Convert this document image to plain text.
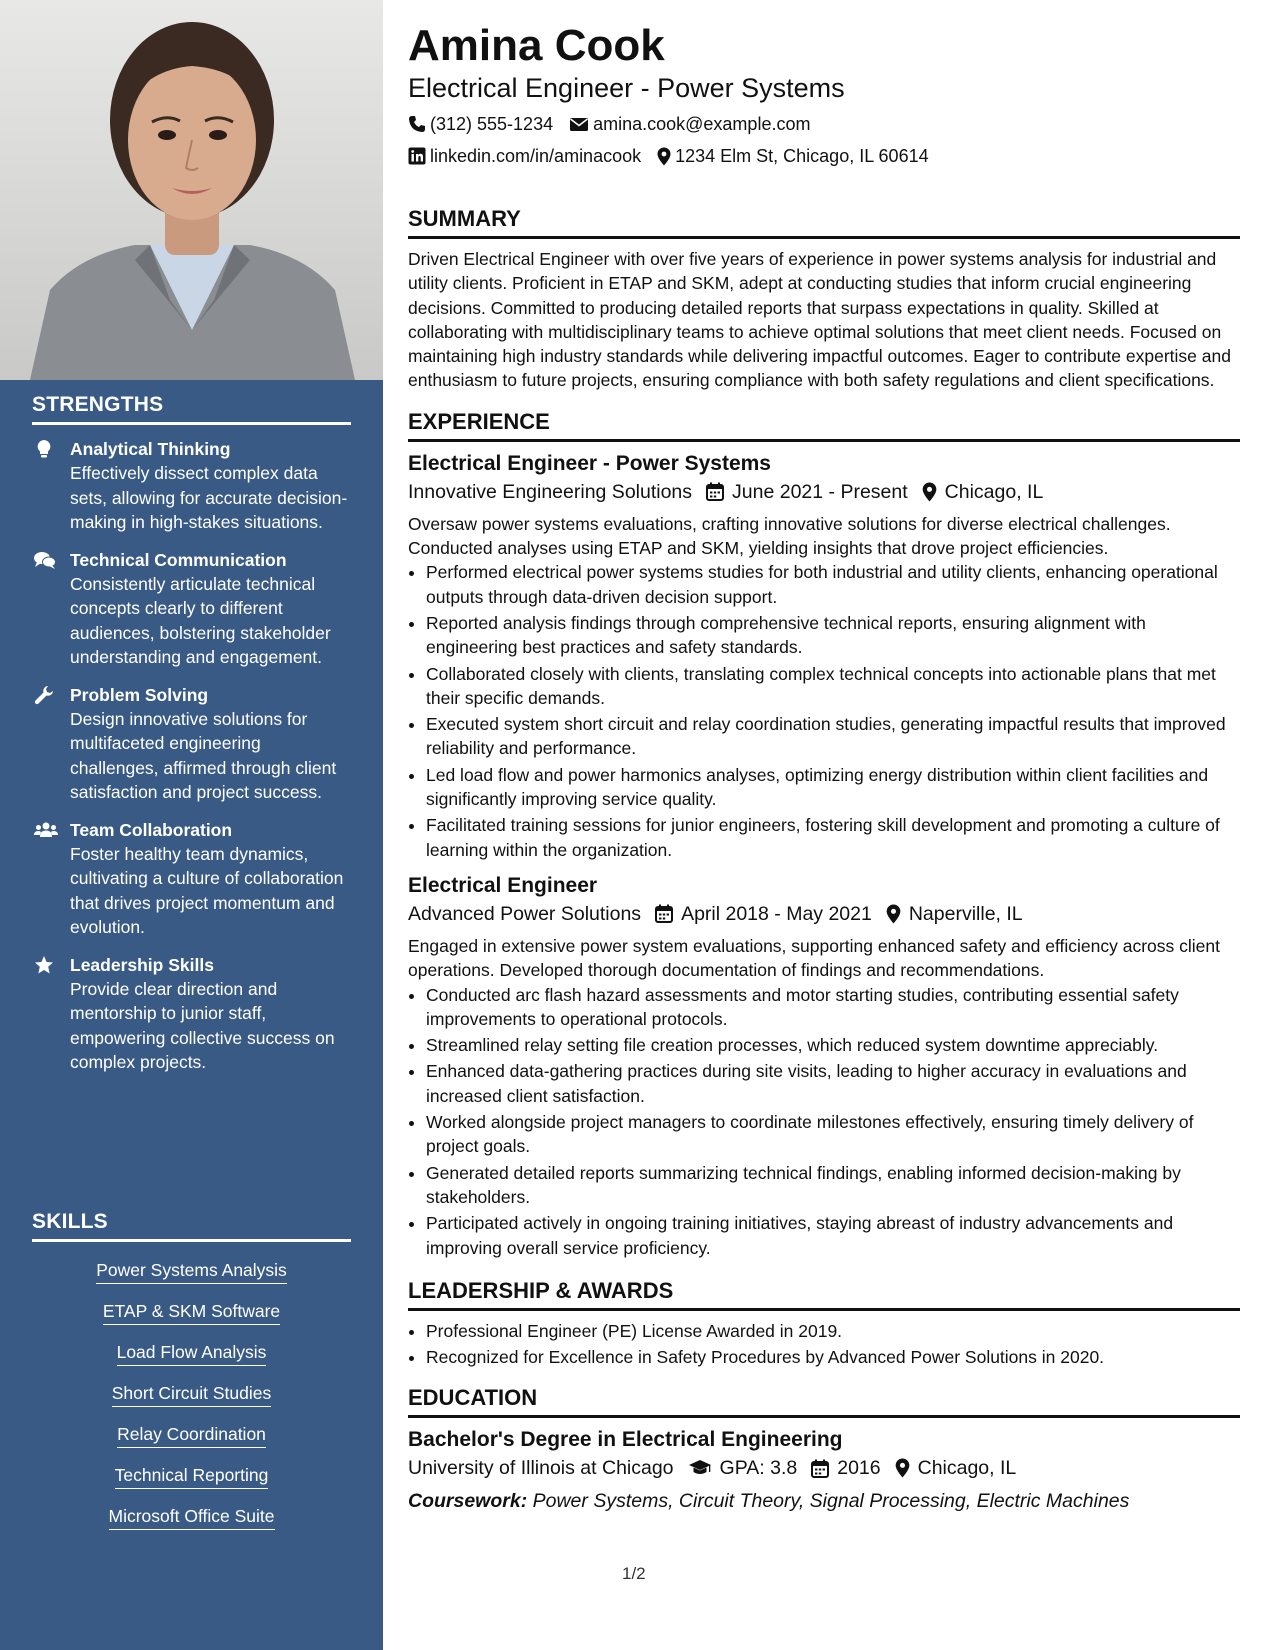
STRENGTHS
Analytical Thinking
Effectively dissect complex data sets, allowing for accurate decision-making in high-stakes situations.
Technical Communication
Consistently articulate technical concepts clearly to different audiences, bolstering stakeholder understanding and engagement.
Problem Solving
Design innovative solutions for multifaceted engineering challenges, affirmed through client satisfaction and project success.
Team Collaboration
Foster healthy team dynamics, cultivating a culture of collaboration that drives project momentum and evolution.
Leadership Skills
Provide clear direction and mentorship to junior staff, empowering collective success on complex projects.
SKILLS
Power Systems Analysis
ETAP & SKM Software
Load Flow Analysis
Short Circuit Studies
Relay Coordination
Technical Reporting
Microsoft Office Suite
Amina Cook
Electrical Engineer - Power Systems
(312) 555-1234 amina.cook@example.com
linkedin.com/in/aminacook 1234 Elm St, Chicago, IL 60614
SUMMARY

Driven Electrical Engineer with over five years of experience in power systems analysis for industrial and utility clients. Proficient in ETAP and SKM, adept at conducting studies that inform crucial engineering decisions. Committed to producing detailed reports that surpass expectations in quality. Skilled at collaborating with multidisciplinary teams to achieve optimal solutions that meet client needs. Focused on maintaining high industry standards while delivering impactful outcomes. Eager to contribute expertise and enthusiasm to future projects, ensuring compliance with both safety regulations and client specifications.

EXPERIENCE
Electrical Engineer - Power Systems
Innovative Engineering Solutions June 2021 - Present Chicago, IL

Oversaw power systems evaluations, crafting innovative solutions for diverse electrical challenges. Conducted analyses using ETAP and SKM, yielding insights that drove project efficiencies.

• Performed electrical power systems studies for both industrial and utility clients, enhancing operational outputs through data-driven decision support.
• Reported analysis findings through comprehensive technical reports, ensuring alignment with engineering best practices and safety standards.
• Collaborated closely with clients, translating complex technical concepts into actionable plans that met their specific demands.
• Executed system short circuit and relay coordination studies, generating impactful results that improved reliability and performance.
• Led load flow and power harmonics analyses, optimizing energy distribution within client facilities and significantly improving service quality.
• Facilitated training sessions for junior engineers, fostering skill development and promoting a culture of learning within the organization.
Electrical Engineer
Advanced Power Solutions April 2018 - May 2021 Naperville, IL

Engaged in extensive power system evaluations, supporting enhanced safety and efficiency across client operations. Developed thorough documentation of findings and recommendations.

• Conducted arc flash hazard assessments and motor starting studies, contributing essential safety improvements to operational protocols.
• Streamlined relay setting file creation processes, which reduced system downtime appreciably.
• Enhanced data-gathering practices during site visits, leading to higher accuracy in evaluations and increased client satisfaction.
• Worked alongside project managers to coordinate milestones effectively, ensuring timely delivery of project goals.
• Generated detailed reports summarizing technical findings, enabling informed decision-making by stakeholders.
• Participated actively in ongoing training initiatives, staying abreast of industry advancements and improving overall service proficiency.
LEADERSHIP & AWARDS
• Professional Engineer (PE) License Awarded in 2019.
• Recognized for Excellence in Safety Procedures by Advanced Power Solutions in 2020.
EDUCATION
Bachelor's Degree in Electrical Engineering
University of Illinois at Chicago GPA: 3.8 2016 Chicago, IL
Coursework: Power Systems, Circuit Theory, Signal Processing, Electric Machines
1/2
